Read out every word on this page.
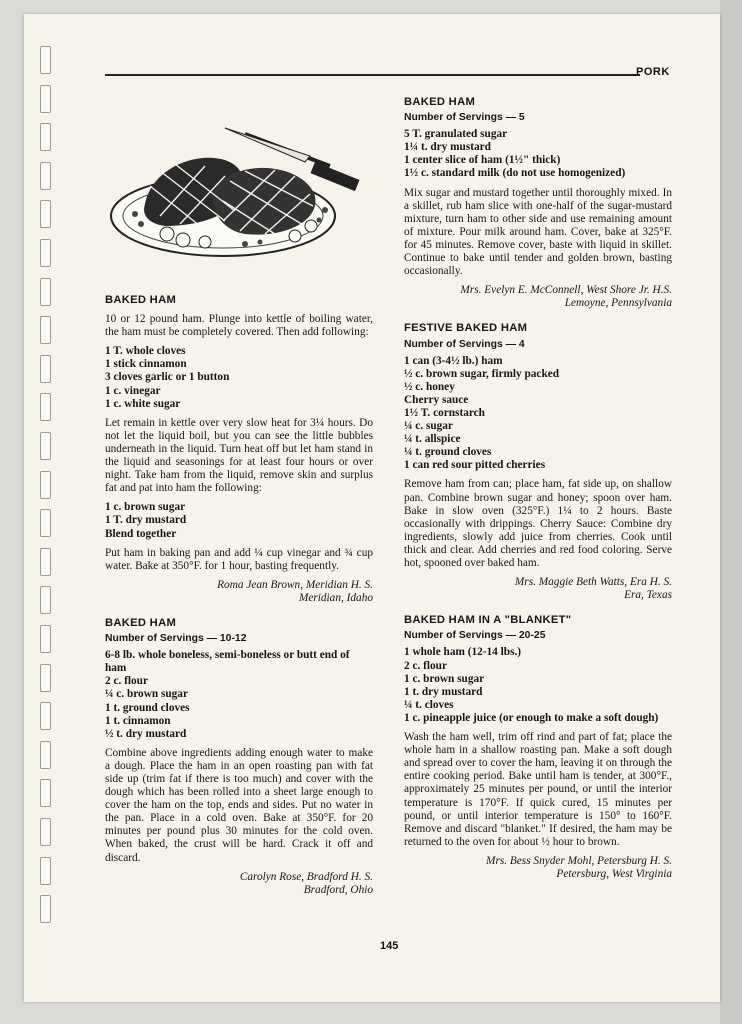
PORK
BAKED HAM

10 or 12 pound ham. Plunge into kettle of boiling water, the ham must be completely covered. Then add following:

1 T. whole cloves
1 stick cinnamon
3 cloves garlic or 1 button
1 c. vinegar
1 c. white sugar

Let remain in kettle over very slow heat for 3¼ hours. Do not let the liquid boil, but you can see the little bubbles underneath in the liquid. Turn heat off but let ham stand in the liquid and seasonings for at least four hours or over night. Take ham from the liquid, remove skin and surplus fat and pat into ham the following:

1 c. brown sugar
1 T. dry mustard
Blend together

Put ham in baking pan and add ¼ cup vinegar and ¾ cup water. Bake at 350°F. for 1 hour, basting frequently.

Roma Jean Brown, Meridian H. S.
Meridian, Idaho

BAKED HAM

Number of Servings — 10-12

6-8 lb. whole boneless, semi-boneless or butt end of ham
2 c. flour
¼ c. brown sugar
1 t. ground cloves
1 t. cinnamon
½ t. dry mustard

Combine above ingredients adding enough water to make a dough. Place the ham in an open roasting pan with fat side up (trim fat if there is too much) and cover with the dough which has been rolled into a sheet large enough to cover the ham on the top, ends and sides. Put no water in the pan. Place in a cold oven. Bake at 350°F. for 20 minutes per pound plus 30 minutes for the cold oven. When baked, the crust will be hard. Crack it off and discard.

Carolyn Rose, Bradford H. S.
Bradford, Ohio

BAKED HAM

Number of Servings — 5

5 T. granulated sugar
1¼ t. dry mustard
1 center slice of ham (1½" thick)
1½ c. standard milk (do not use homogenized)

Mix sugar and mustard together until thoroughly mixed. In a skillet, rub ham slice with one-half of the sugar-mustard mixture, turn ham to other side and use remaining amount of mixture. Pour milk around ham. Cover, bake at 325°F. for 45 minutes. Remove cover, baste with liquid in skillet. Continue to bake until tender and golden brown, basting occasionally.

Mrs. Evelyn E. McConnell, West Shore Jr. H.S.
Lemoyne, Pennsylvania

FESTIVE BAKED HAM

Number of Servings — 4

1 can (3-4½ lb.) ham
½ c. brown sugar, firmly packed
½ c. honey
Cherry sauce
1½ T. cornstarch
¼ c. sugar
¼ t. allspice
¼ t. ground cloves
1 can red sour pitted cherries

Remove ham from can; place ham, fat side up, on shallow pan. Combine brown sugar and honey; spoon over ham. Bake in slow oven (325°F.) 1¼ to 2 hours. Baste occasionally with drippings. Cherry Sauce: Combine dry ingredients, slowly add juice from cherries. Cook until thick and clear. Add cherries and red food coloring. Serve hot, spooned over baked ham.

Mrs. Maggie Beth Watts, Era H. S.
Era, Texas

BAKED HAM IN A "BLANKET"

Number of Servings — 20-25

1 whole ham (12-14 lbs.)
2 c. flour
1 c. brown sugar
1 t. dry mustard
¼ t. cloves
1 c. pineapple juice (or enough to make a soft dough)

Wash the ham well, trim off rind and part of fat; place the whole ham in a shallow roasting pan. Make a soft dough and spread over to cover the ham, leaving it on through the entire cooking period. Bake until ham is tender, at 300°F., approximately 25 minutes per pound, or until the interior temperature is 170°F. If quick cured, 15 minutes per pound, or until interior temperature is 150° to 160°F. Remove and discard "blanket." If desired, the ham may be returned to the oven for about ½ hour to brown.

Mrs. Bess Snyder Mohl, Petersburg H. S.
Petersburg, West Virginia

145
